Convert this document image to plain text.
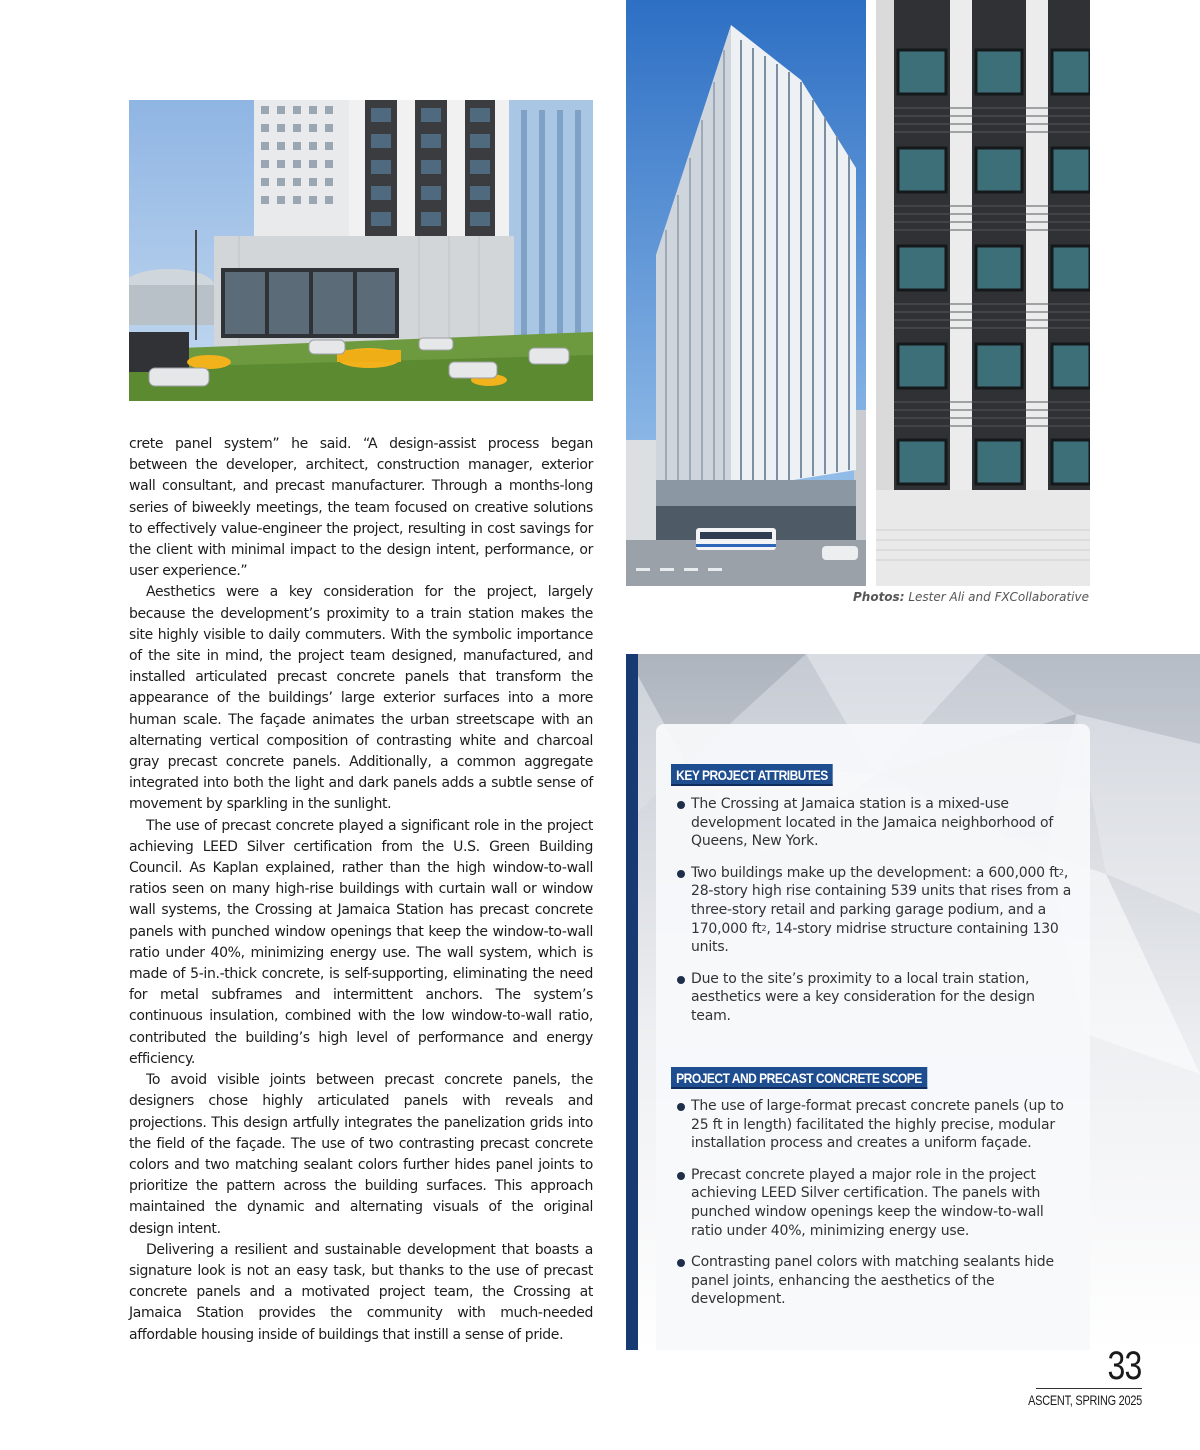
Photos: Lester Ali and FXCollaborative

crete panel system” he said. “A design-assist process began between the developer, architect, construction manager, exterior wall consultant, and precast manufacturer. Through a months-long series of biweekly meetings, the team focused on creative solutions to effectively value-engineer the project, resulting in cost savings for the client with minimal impact to the design intent, performance, or user experience.”

Aesthetics were a key consideration for the project, largely because the development’s proximity to a train station makes the site highly visible to daily commuters. With the symbolic importance of the site in mind, the project team designed, manufactured, and installed articulated precast concrete panels that transform the appearance of the buildings’ large exterior surfaces into a more human scale. The façade animates the urban streetscape with an alternating vertical composition of contrasting white and charcoal gray precast concrete panels. Additionally, a common aggregate integrated into both the light and dark panels adds a subtle sense of movement by sparkling in the sunlight.

The use of precast concrete played a significant role in the project achieving LEED Silver certification from the U.S. Green Building Council. As Kaplan explained, rather than the high window-to-wall ratios seen on many high-rise buildings with curtain wall or window wall systems, the Crossing at Jamaica Station has precast concrete panels with punched window openings that keep the window-to-wall ratio under 40%, minimizing energy use. The wall system, which is made of 5-in.-thick concrete, is self-supporting, eliminating the need for metal subframes and intermittent anchors. The system’s continuous insulation, combined with the low window-to-wall ratio, contributed the building’s high level of performance and energy efficiency.

To avoid visible joints between precast concrete panels, the designers chose highly articulated panels with reveals and projections. This design artfully integrates the panelization grids into the field of the façade. The use of two contrasting precast concrete colors and two matching sealant colors further hides panel joints to prioritize the pattern across the building surfaces. This approach maintained the dynamic and alternating visuals of the original design intent.

Delivering a resilient and sustainable development that boasts a signature look is not an easy task, but thanks to the use of precast concrete panels and a motivated project team, the Crossing at Jamaica Station provides the community with much-needed affordable housing inside of buildings that instill a sense of pride.

KEY PROJECT ATTRIBUTES
The Crossing at Jamaica station is a mixed-use development located in the Jamaica neighborhood of Queens, New York.
Two buildings make up the development: a 600,000 $ft^2$, 28-story high rise containing 539 units that rises from a three-story retail and parking garage podium, and a 170,000 $ft^2$, 14-story midrise structure containing 130 units.
Due to the site’s proximity to a local train station, aesthetics were a key consideration for the design team.
PROJECT AND PRECAST CONCRETE SCOPE
The use of large-format precast concrete panels (up to 25 ft in length) facilitated the highly precise, modular installation process and creates a uniform façade.
Precast concrete played a major role in the project achieving LEED Silver certification. The panels with punched window openings keep the window-to-wall ratio under 40%, minimizing energy use.
Contrasting panel colors with matching sealants hide panel joints, enhancing the aesthetics of the development.
33
ASCENT, SPRING 2025
